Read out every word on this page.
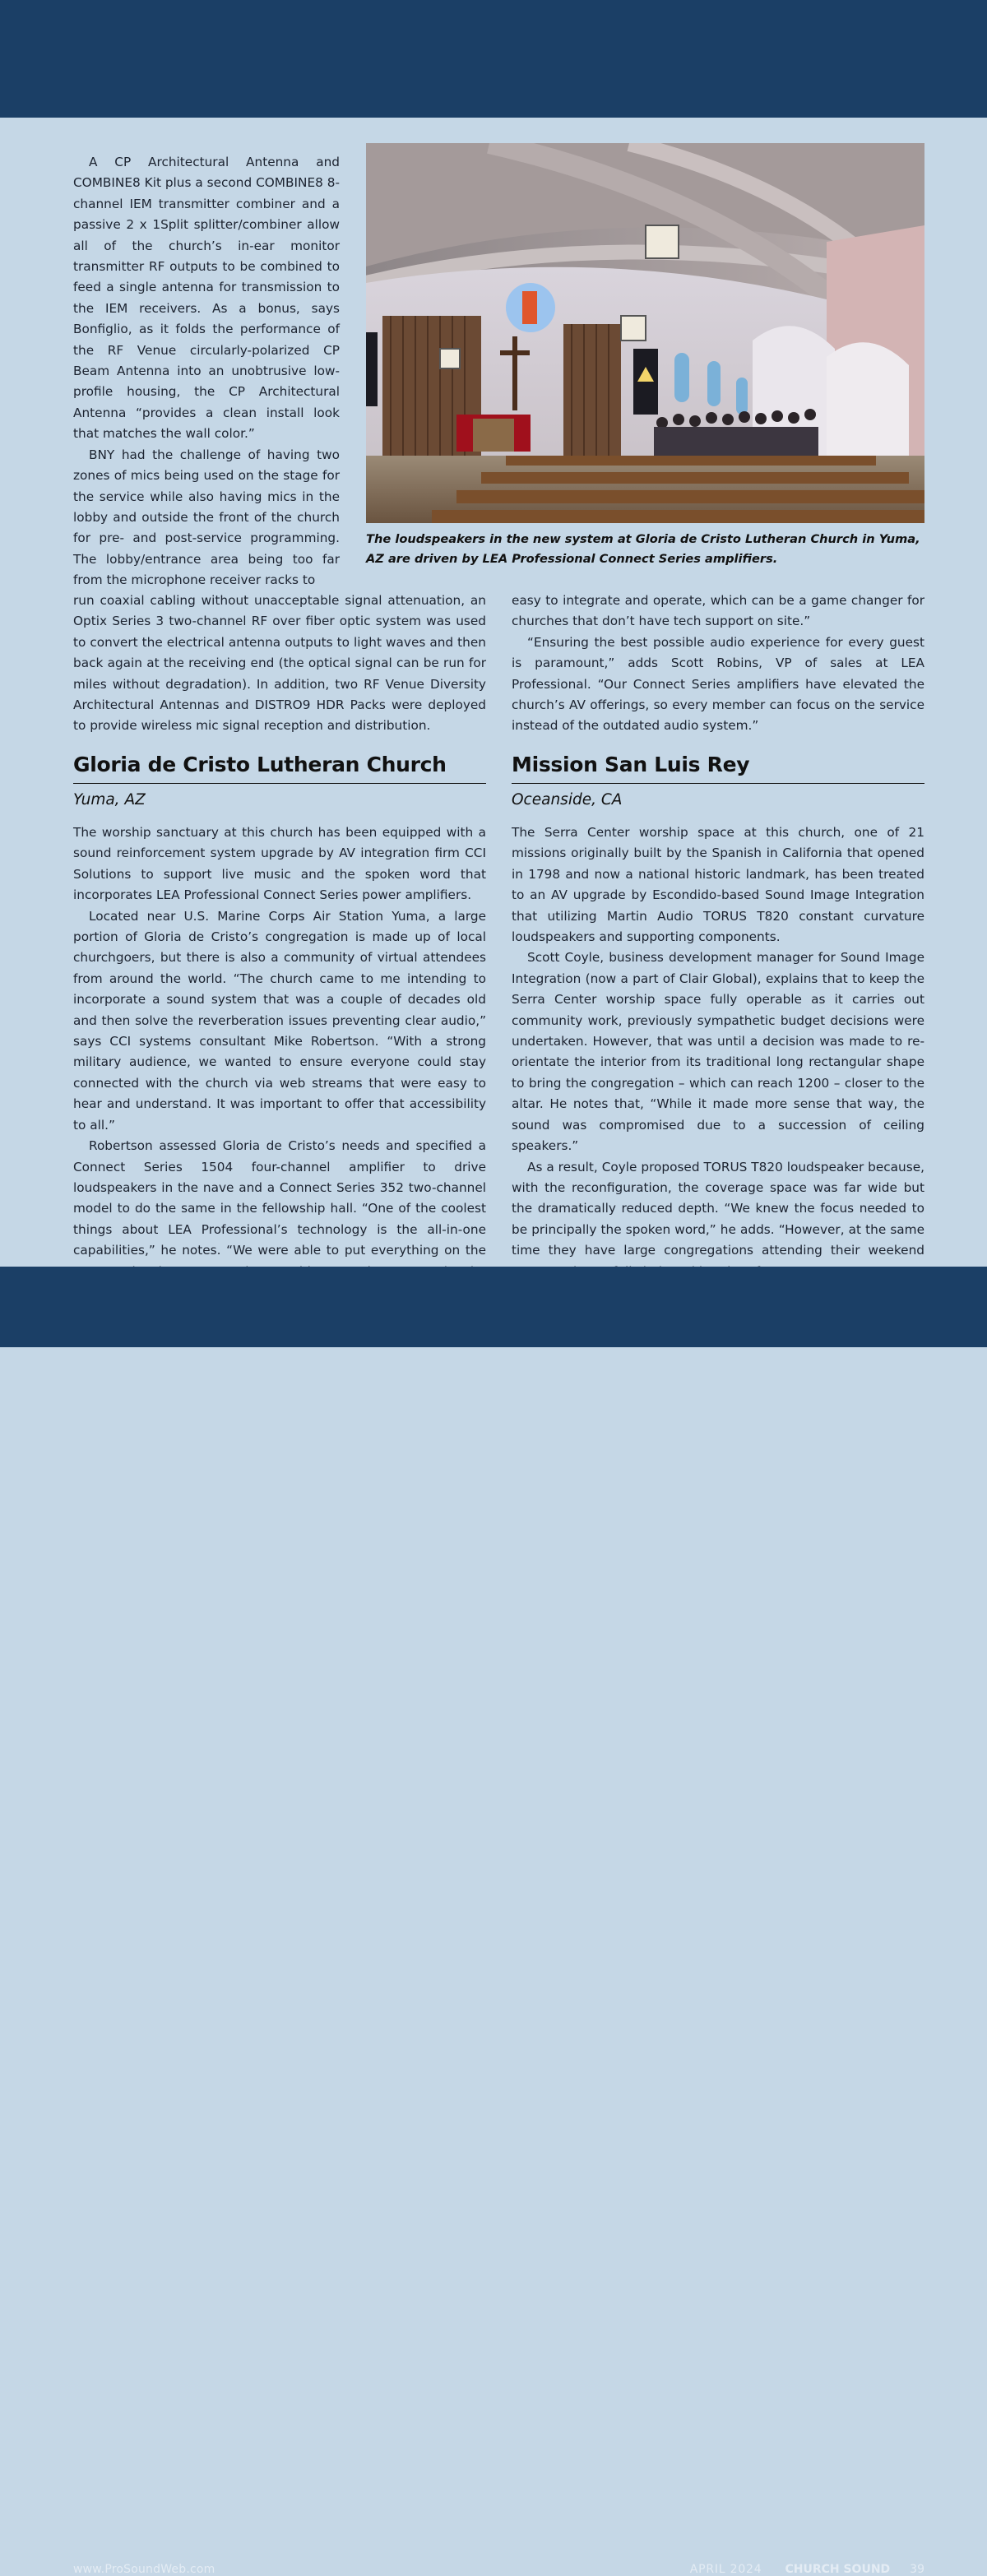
A CP Architectural Antenna and COMBINE8 Kit plus a second COMBINE8 8-channel IEM transmitter combiner and a passive 2 x 1Split splitter/combiner allow all of the church’s in-ear monitor transmitter RF outputs to be combined to feed a single antenna for transmission to the IEM receivers. As a bonus, says Bonfiglio, as it folds the performance of the RF Venue circularly-polarized CP Beam Antenna into an unobtrusive low-profile housing, the CP Architectural Antenna “provides a clean install look that matches the wall color.”

BNY had the challenge of having two zones of mics being used on the stage for the service while also having mics in the lobby and outside the front of the church for pre- and post-service programming. The lobby/entrance area being too far from the microphone receiver racks to

The loudspeakers in the new system at Gloria de Cristo Lutheran Church in Yuma, AZ are driven by LEA Professional Connect Series amplifiers.

run coaxial cabling without unacceptable signal attenuation, an Optix Series 3 two-channel RF over fiber optic system was used to convert the electrical antenna outputs to light waves and then back again at the receiving end (the optical signal can be run for miles without degradation). In addition, two RF Venue Diversity Architectural Antennas and DISTRO9 HDR Packs were deployed to provide wireless mic signal reception and distribution.

easy to integrate and operate, which can be a game changer for churches that don’t have tech support on site.”

“Ensuring the best possible audio experience for every guest is paramount,” adds Scott Robins, VP of sales at LEA Professional. “Our Connect Series amplifiers have elevated the church’s AV offerings, so every member can focus on the service instead of the outdated audio system.”

Gloria de Cristo Lutheran Church

Yuma, AZ

The worship sanctuary at this church has been equipped with a sound reinforcement system upgrade by AV integration firm CCI Solutions to support live music and the spoken word that incorporates LEA Professional Connect Series power amplifiers.

Located near U.S. Marine Corps Air Station Yuma, a large portion of Gloria de Cristo’s congregation is made up of local churchgoers, but there is also a community of virtual attendees from around the world. “The church came to me intending to incorporate a sound system that was a couple of decades old and then solve the reverberation issues preventing clear audio,” says CCI systems consultant Mike Robertson. “With a strong military audience, we wanted to ensure everyone could stay connected with the church via web streams that were easy to hear and understand. It was important to offer that accessibility to all.”

Robertson assessed Gloria de Cristo’s needs and specified a Connect Series 1504 four-channel amplifier to drive loudspeakers in the nave and a Connect Series 352 two-channel model to do the same in the fellowship hall. “One of the coolest things about LEA Professional’s technology is the all-in-one capabilities,” he notes. “We were able to put everything on the

Mission San Luis Rey

Oceanside, CA

The Serra Center worship space at this church, one of 21 missions originally built by the Spanish in California that opened in 1798 and now a national historic landmark, has been treated to an AV upgrade by Escondido-based Sound Image Integration that utilizing Martin Audio TORUS T820 constant curvature loudspeakers and supporting components.

Scott Coyle, business development manager for Sound Image Integration (now a part of Clair Global), explains that to keep the Serra Center worship space fully operable as it carries out community work, previously sympathetic budget decisions were undertaken. However, that was until a decision was made to re-orientate the interior from its traditional long rectangular shape to bring the congregation – which can reach 1200 – closer to the altar. He notes that, “While it made more sense that way, the sound was compromised due to a succession of ceiling speakers.”

As a result, Coyle proposed TORUS T820 loudspeaker because, with the reconfiguration, the coverage space was far wide but the dramatically reduced depth. “We knew the focus needed to be principally the spoken word,” he adds. “However, at the same time they have large congregations attending their weekend

www.ProSoundWeb.com	APRIL 2024 CHURCH SOUND 39
